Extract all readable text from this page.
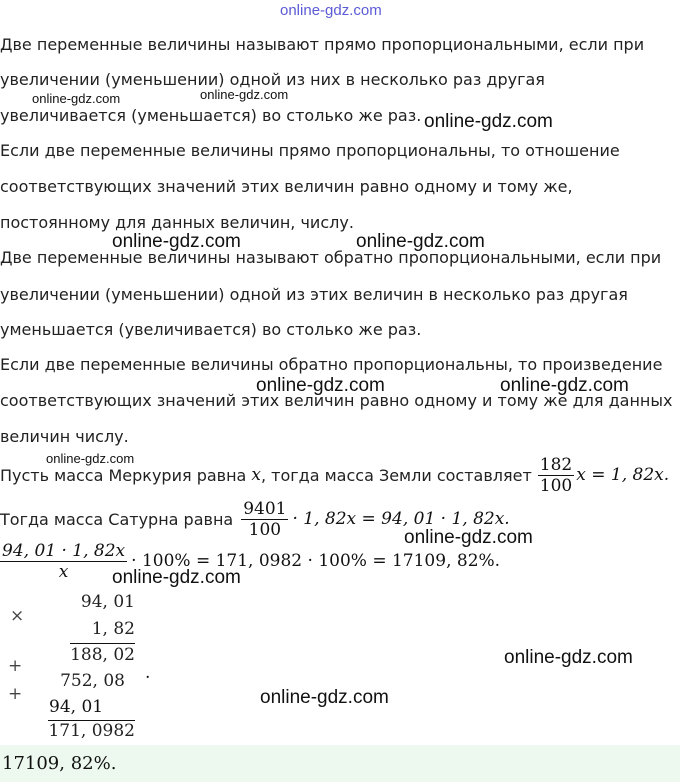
online-gdz.com
Две переменные величины называют прямо пропорциональными, если при
увеличении (уменьшении) одной из них в несколько раз другая
увеличивается (уменьшается) во столько же раз.
Если две переменные величины прямо пропорциональны, то отношение
соответствующих значений этих величин равно одному и тому же,
постоянному для данных величин, числу.
Две переменные величины называют обратно пропорциональными, если при
увеличении (уменьшении) одной из этих величин в несколько раз другая
уменьшается (увеличивается) во столько же раз.
Если две переменные величины обратно пропорциональны, то произведение
соответствующих значений этих величин равно одному и тому же для данных
величин числу.
Пусть масса Меркурия равна x , тогда масса Земли составляет $\frac{182}{100}$ x = 1, 82x.
Тогда масса Сатурна равна $\frac{9401}{100} \cdot 1$, 82x = 94, 01 · 1, 82x.
$\frac{94, 01 \cdot 1, 82x}{x} \cdot 100\% = 171$, 0982 · 100% = 17109, 82%.
×
94, 01
1, 82
188, 02
+
752, 08 .
+
94, 01
171, 0982
17109, 82%.
online-gdz.com	online-gdz.com
online-gdz.com
online-gdz.com	online-gdz.com
online-gdz.com	online-gdz.com
online-gdz.com
online-gdz.com
online-gdz.com
online-gdz.com
online-gdz.com
